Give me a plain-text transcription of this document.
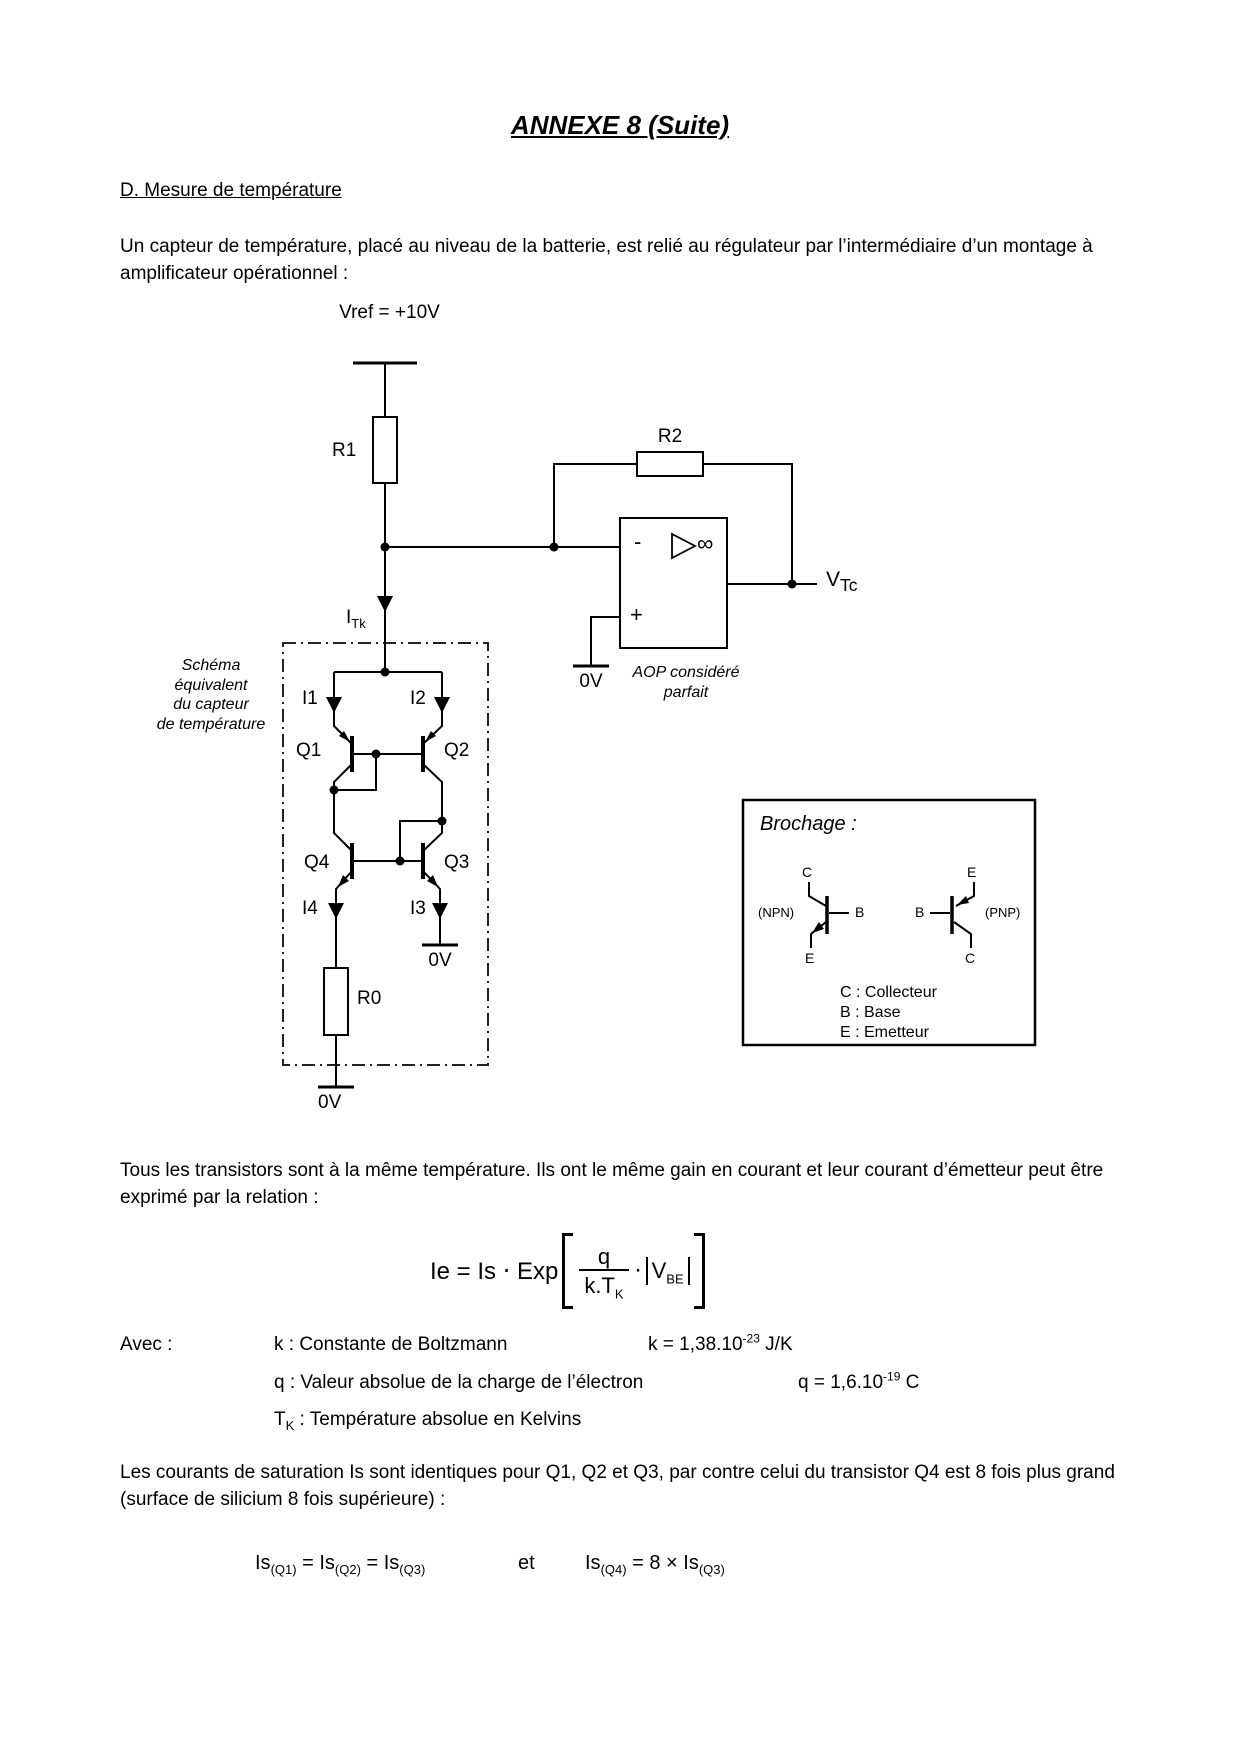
ANNEXE 8 (Suite)
D. Mesure de température
Un capteur de température, placé au niveau de la batterie, est relié au régulateur par l’intermédiaire d’un montage à amplificateur opérationnel :
Vref = +10V
R1
R2
$I_{Tk}$
-
+
∞
$V_{Tc}$
0V	AOP considéré
parfait
Schéma
équivalent
du capteur
de température
I1	I2
Q1	Q2
Q4	Q3
I4	I3
0V
R0
0V
Brochage :
C
B
E
(NPN)
E
B
C
(PNP)
C : Collecteur
B : Base
E : Emetteur
Tous les transistors sont à la même température. Ils ont le même gain en courant et leur courant d’émetteur peut être exprimé par la relation :
Ie = Is ⋅ Exp $\frac{q}{k.T_K} \cdot V_{BE}$
Avec :	k : Constante de Boltzmann	$k = 1,38.10^{-23}$ J/K
q : Valeur absolue de la charge de l’électron	$q = 1,6.10^{-19}$ C
$T_K$ : Température absolue en Kelvins
Les courants de saturation Is sont identiques pour Q1, Q2 et Q3, par contre celui du transistor Q4 est 8 fois plus grand (surface de silicium 8 fois supérieure) :
$Is_{(Q1)} = Is_{(Q2)} = Is_{(Q3)}$	et	$Is_{(Q4)} = 8 \times Is_{(Q3)}$
